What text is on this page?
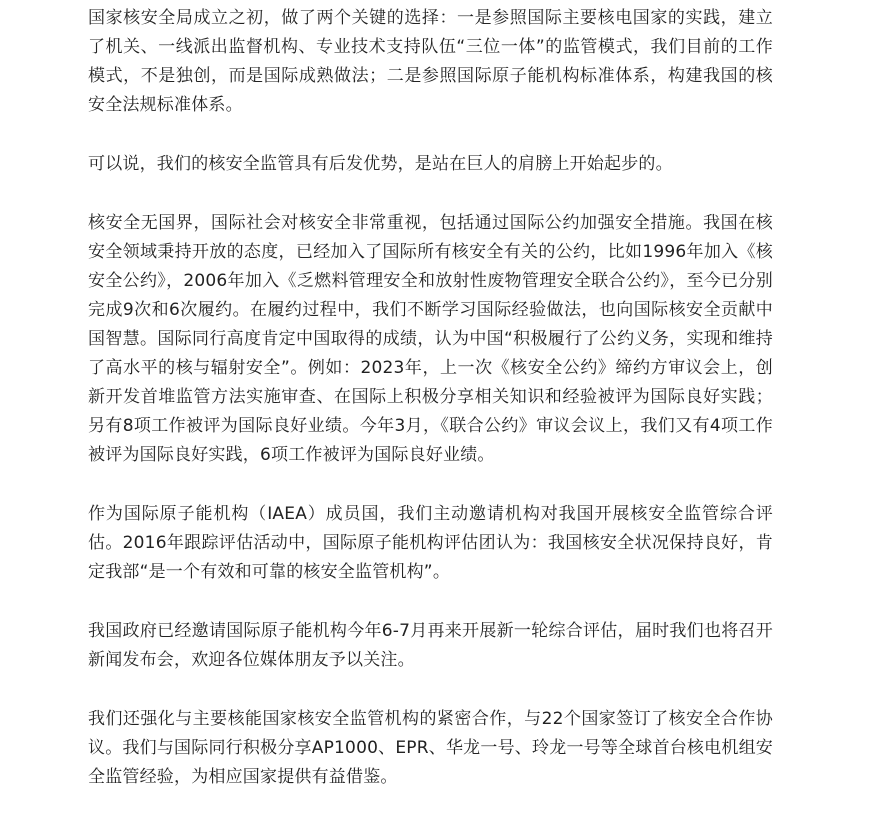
国家核安全局成立之初，做了两个关键的选择：一是参照国际主要核电国家的实践，建立了机关、一线派出监督机构、专业技术支持队伍“三位一体”的监管模式，我们目前的工作模式，不是独创，而是国际成熟做法；二是参照国际原子能机构标准体系，构建我国的核安全法规标准体系。

可以说，我们的核安全监管具有后发优势，是站在巨人的肩膀上开始起步的。

核安全无国界，国际社会对核安全非常重视，包括通过国际公约加强安全措施。我国在核安全领域秉持开放的态度，已经加入了国际所有核安全有关的公约，比如1996年加入《核安全公约》，2006年加入《乏燃料管理安全和放射性废物管理安全联合公约》，至今已分别完成9次和6次履约。在履约过程中，我们不断学习国际经验做法，也向国际核安全贡献中国智慧。国际同行高度肯定中国取得的成绩，认为中国“积极履行了公约义务，实现和维持了高水平的核与辐射安全”。例如：2023年，上一次《核安全公约》缔约方审议会上，创新开发首堆监管方法实施审查、在国际上积极分享相关知识和经验被评为国际良好实践；另有8项工作被评为国际良好业绩。今年3月，《联合公约》审议会议上，我们又有4项工作被评为国际良好实践，6项工作被评为国际良好业绩。

作为国际原子能机构（IAEA）成员国，我们主动邀请机构对我国开展核安全监管综合评估。2016年跟踪评估活动中，国际原子能机构评估团认为：我国核安全状况保持良好，肯定我部“是一个有效和可靠的核安全监管机构”。

我国政府已经邀请国际原子能机构今年6-7月再来开展新一轮综合评估，届时我们也将召开新闻发布会，欢迎各位媒体朋友予以关注。

我们还强化与主要核能国家核安全监管机构的紧密合作，与22个国家签订了核安全合作协议。我们与国际同行积极分享AP1000、EPR、华龙一号、玲龙一号等全球首台核电机组安全监管经验，为相应国家提供有益借鉴。
